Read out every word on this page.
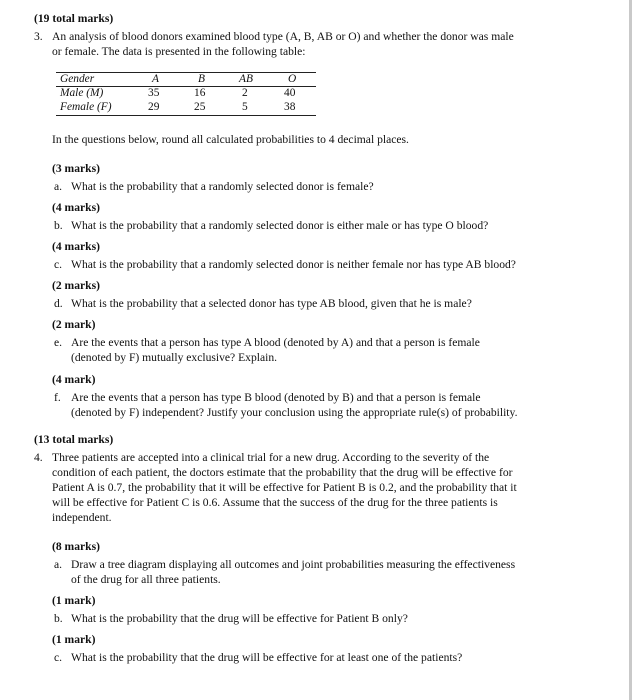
(19 total marks)
3. An analysis of blood donors examined blood type (A, B, AB or O) and whether the donor was male
or female. The data is presented in the following table:
Gender	A	B	AB	O
Male (M)	35	16	2	40
Female (F)	29	25	5	38
In the questions below, round all calculated probabilities to 4 decimal places.
(3 marks)
a. What is the probability that a randomly selected donor is female?
(4 marks)
b. What is the probability that a randomly selected donor is either male or has type O blood?
(4 marks)
c. What is the probability that a randomly selected donor is neither female nor has type AB blood?
(2 marks)
d. What is the probability that a selected donor has type AB blood, given that he is male?
(2 mark)
e. Are the events that a person has type A blood (denoted by A) and that a person is female
(denoted by F) mutually exclusive? Explain.
(4 mark)
f. Are the events that a person has type B blood (denoted by B) and that a person is female
(denoted by F) independent? Justify your conclusion using the appropriate rule(s) of probability.
(13 total marks)
4. Three patients are accepted into a clinical trial for a new drug. According to the severity of the
condition of each patient, the doctors estimate that the probability that the drug will be effective for
Patient A is 0.7, the probability that it will be effective for Patient B is 0.2, and the probability that it
will be effective for Patient C is 0.6. Assume that the success of the drug for the three patients is
independent.
(8 marks)
a. Draw a tree diagram displaying all outcomes and joint probabilities measuring the effectiveness
of the drug for all three patients.
(1 mark)
b. What is the probability that the drug will be effective for Patient B only?
(1 mark)
c. What is the probability that the drug will be effective for at least one of the patients?
